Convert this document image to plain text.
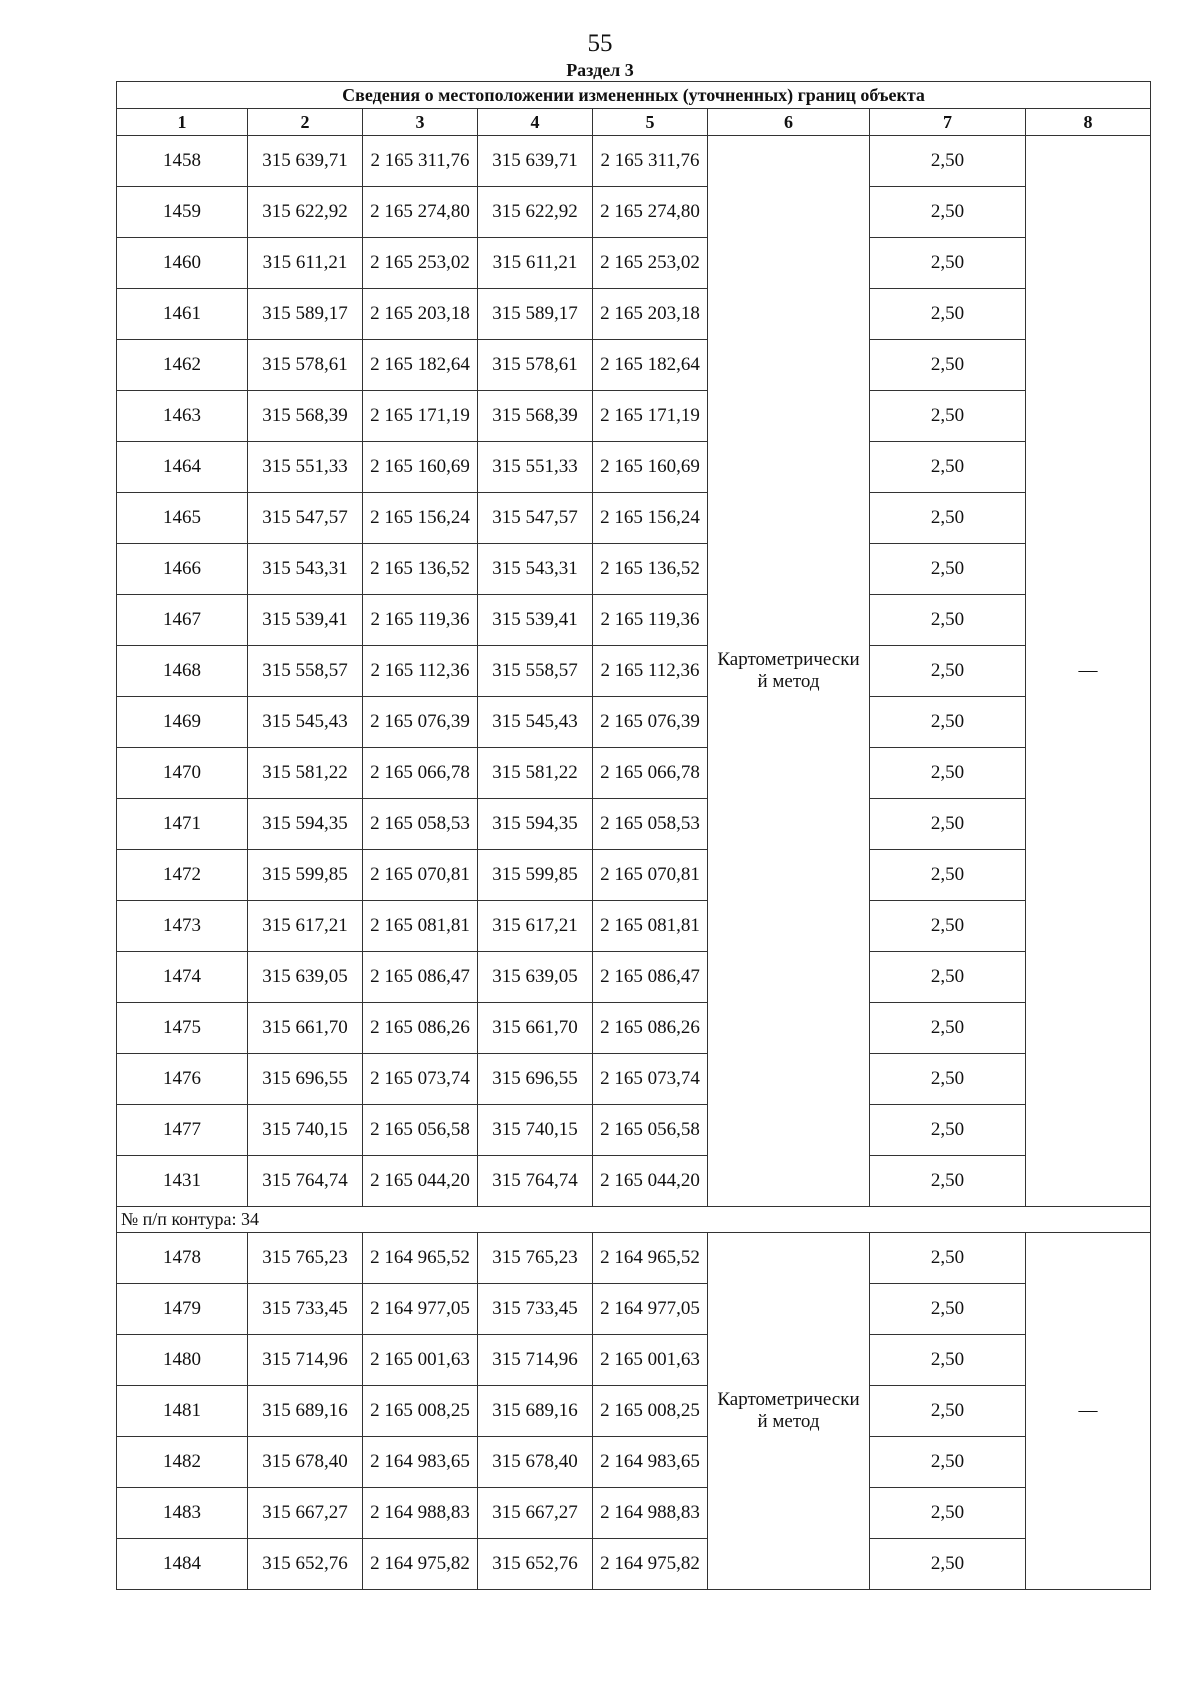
55
Раздел 3
Сведения о местоположении измененных (уточненных) границ объекта							
1	2	3	4	5	6	7	8
1458	315 639,71	2 165 311,76	315 639,71	2 165 311,76	Картометрически й метод	2,50	—
1459	315 622,92	2 165 274,80	315 622,92	2 165 274,80		2,50	
1460	315 611,21	2 165 253,02	315 611,21	2 165 253,02		2,50	
1461	315 589,17	2 165 203,18	315 589,17	2 165 203,18		2,50	
1462	315 578,61	2 165 182,64	315 578,61	2 165 182,64		2,50	
1463	315 568,39	2 165 171,19	315 568,39	2 165 171,19		2,50	
1464	315 551,33	2 165 160,69	315 551,33	2 165 160,69		2,50	
1465	315 547,57	2 165 156,24	315 547,57	2 165 156,24		2,50	
1466	315 543,31	2 165 136,52	315 543,31	2 165 136,52		2,50	
1467	315 539,41	2 165 119,36	315 539,41	2 165 119,36		2,50	
1468	315 558,57	2 165 112,36	315 558,57	2 165 112,36		2,50	
1469	315 545,43	2 165 076,39	315 545,43	2 165 076,39		2,50	
1470	315 581,22	2 165 066,78	315 581,22	2 165 066,78		2,50	
1471	315 594,35	2 165 058,53	315 594,35	2 165 058,53		2,50	
1472	315 599,85	2 165 070,81	315 599,85	2 165 070,81		2,50	
1473	315 617,21	2 165 081,81	315 617,21	2 165 081,81		2,50	
1474	315 639,05	2 165 086,47	315 639,05	2 165 086,47		2,50	
1475	315 661,70	2 165 086,26	315 661,70	2 165 086,26		2,50	
1476	315 696,55	2 165 073,74	315 696,55	2 165 073,74		2,50	
1477	315 740,15	2 165 056,58	315 740,15	2 165 056,58		2,50	
1431	315 764,74	2 165 044,20	315 764,74	2 165 044,20		2,50	
№ п/п контура: 34							
1478	315 765,23	2 164 965,52	315 765,23	2 164 965,52	Картометрически й метод	2,50	—
1479	315 733,45	2 164 977,05	315 733,45	2 164 977,05		2,50	
1480	315 714,96	2 165 001,63	315 714,96	2 165 001,63		2,50	
1481	315 689,16	2 165 008,25	315 689,16	2 165 008,25		2,50	
1482	315 678,40	2 164 983,65	315 678,40	2 164 983,65		2,50	
1483	315 667,27	2 164 988,83	315 667,27	2 164 988,83		2,50	
1484	315 652,76	2 164 975,82	315 652,76	2 164 975,82		2,50	
